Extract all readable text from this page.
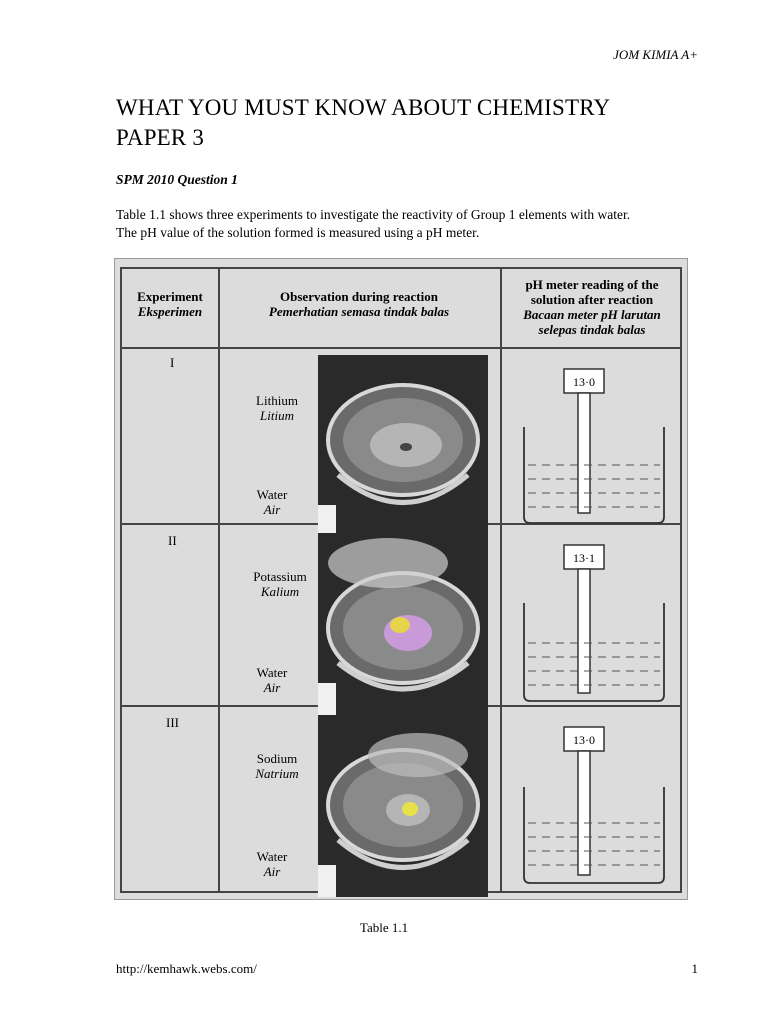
JOM KIMIA A+
WHAT YOU MUST KNOW ABOUT CHEMISTRY PAPER 3
SPM 2010 Question 1

Table 1.1 shows three experiments to investigate the reactivity of Group 1 elements with water.

The pH value of the solution formed is measured using a pH meter.

Experiment
Eksperimen
Observation during reaction
Pemerhatian semasa tindak balas
pH meter reading of the
solution after reaction
Bacaan meter pH larutan
selepas tindak balas
I
Lithium
Litium
Water
Air
13·0
II
Potassium
Kalium
Water
Air
13·1
III
Sodium
Natrium
Water
Air
13·0
Table 1.1
http://kemhawk.webs.com/	1
